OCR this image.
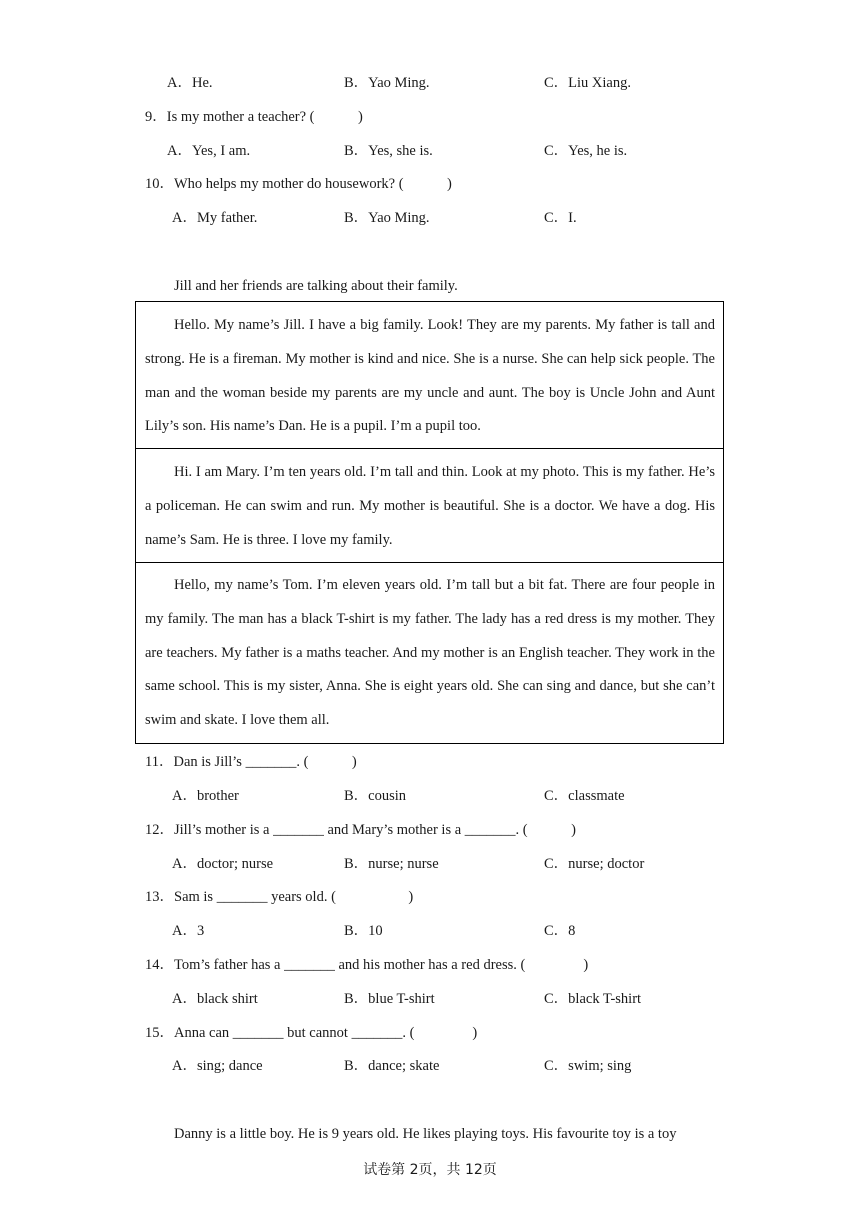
A．He.	B．Yao Ming.	C．Liu Xiang.
9．Is my mother a teacher? (　　　)
A．Yes, I am.	B．Yes, she is.	C．Yes, he is.
10．Who helps my mother do housework? (　　　)
A．My father.	B．Yao Ming.	C．I.
Jill and her friends are talking about their family.

Hello. My name’s Jill. I have a big family. Look! They are my parents. My father is tall and strong. He is a fireman. My mother is kind and nice. She is a nurse. She can help sick people. The man and the woman beside my parents are my uncle and aunt. The boy is Uncle John and Aunt Lily’s son. His name’s Dan. He is a pupil. I’m a pupil too.

Hi. I am Mary. I’m ten years old. I’m tall and thin. Look at my photo. This is my father. He’s a policeman. He can swim and run. My mother is beautiful. She is a doctor. We have a dog. His name’s Sam. He is three. I love my family.

Hello, my name’s Tom. I’m eleven years old. I’m tall but a bit fat. There are four people in my family. The man has a black T-shirt is my father. The lady has a red dress is my mother. They are teachers. My father is a maths teacher. And my mother is an English teacher. They work in the same school. This is my sister, Anna. She is eight years old. She can sing and dance, but she can’t swim and skate. I love them all.

11．Dan is Jill’s _______. (　　　)
A．brother	B．cousin	C．classmate
12．Jill’s mother is a _______ and Mary’s mother is a _______. (　　　)
A．doctor; nurse	B．nurse; nurse	C．nurse; doctor
13．Sam is _______ years old. (　　　　　)
A．3	B．10	C．8
14．Tom’s father has a _______ and his mother has a red dress. (　　　　)
A．black shirt	B．blue T-shirt	C．black T-shirt
15．Anna can _______ but cannot _______. (　　　　)
A．sing; dance	B．dance; skate	C．swim; sing
Danny is a little boy. He is 9 years old. He likes playing toys. His favourite toy is a toy
试卷第 2页，共 12页
